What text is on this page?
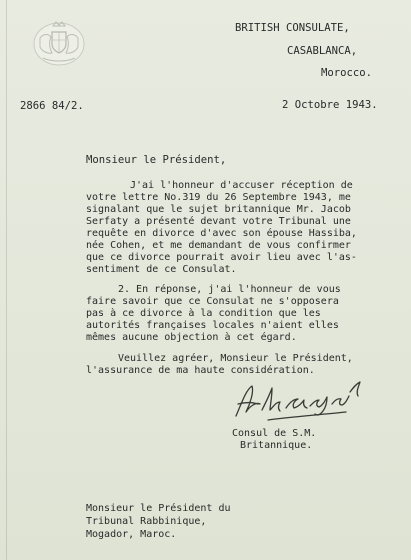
BRITISH CONSULATE,
CASABLANCA,
Morocco.
2866 84/2.	2 Octobre 1943.
Monsieur le Président,
J'ai l'honneur d'accuser réception de
votre lettre No.319 du 26 Septembre 1943, me
signalant que le sujet britannique Mr. Jacob
Serfaty a présenté devant votre Tribunal une
requête en divorce d'avec son épouse Hassiba,
née Cohen, et me demandant de vous confirmer
que ce divorce pourrait avoir lieu avec l'as-
sentiment de ce Consulat.
2. En réponse, j'ai l'honneur de vous
faire savoir que ce Consulat ne s'opposera
pas à ce divorce à la condition que les
autorités françaises locales n'aient elles
mêmes aucune objection à cet égard.
Veuillez agréer, Monsieur le Président,
l'assurance de ma haute considération.
Consul de S.M.
Britannique.
Monsieur le Président du
Tribunal Rabbinique,
Mogador, Maroc.
